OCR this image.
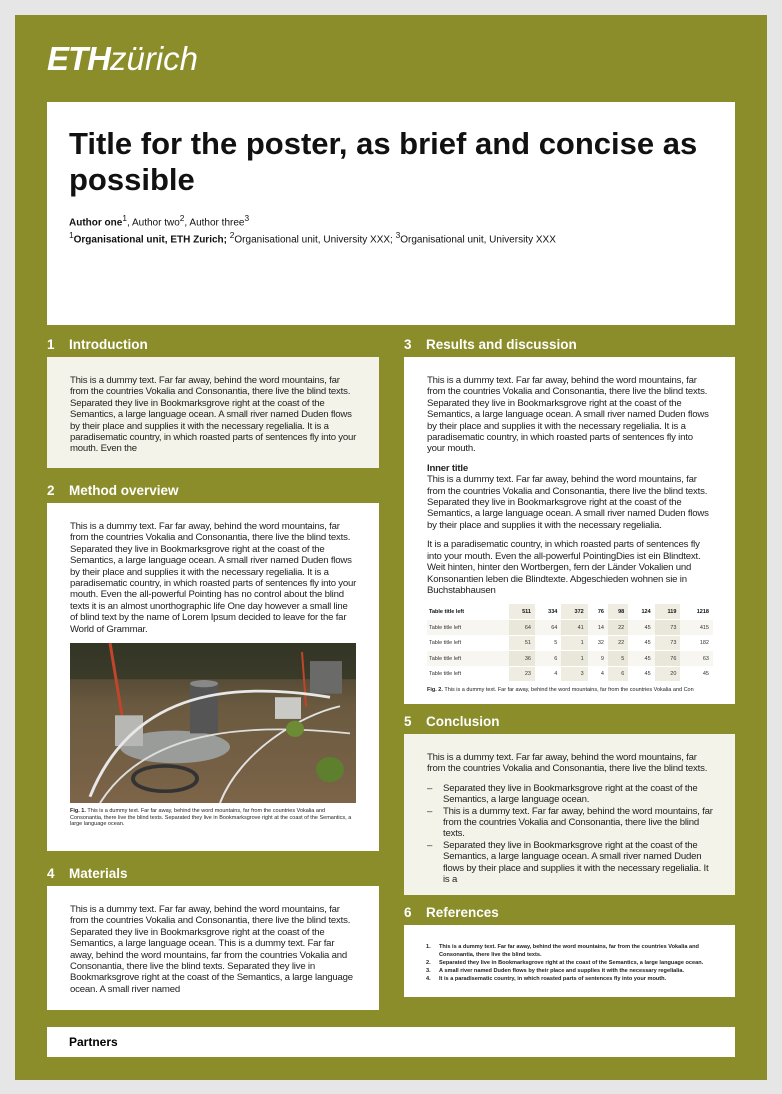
ETHzürich
Title for the poster, as brief and concise as possible
Author one$^1$, Author two$^2$, Author three$^3$
$^1$Organisational unit, ETH Zurich; $^2$Organisational unit, University XXX; $^3$Organisational unit, University XXX
1 Introduction

This is a dummy text. Far far away, behind the word mountains, far from the countries Vokalia and Consonantia, there live the blind texts. Separated they live in Bookmarksgrove right at the coast of the Semantics, a large language ocean. A small river named Duden flows by their place and supplies it with the necessary regelialia. It is a paradisematic country, in which roasted parts of sentences fly into your mouth. Even the

2 Method overview

This is a dummy text. Far far away, behind the word mountains, far from the countries Vokalia and Consonantia, there live the blind texts. Separated they live in Bookmarksgrove right at the coast of the Semantics, a large language ocean. A small river named Duden flows by their place and supplies it with the necessary regelialia. It is a paradisematic country, in which roasted parts of sentences fly into your mouth. Even the all-powerful Pointing has no control about the blind texts it is an almost unorthographic life One day however a small line of blind text by the name of Lorem Ipsum decided to leave for the far World of Grammar.

Fig. 1. This is a dummy text. Far far away, behind the word mountains, far from the countries Vokalia and Consonantia, there live the blind texts. Separated they live in Bookmarksgrove right at the coast of the Semantics, a large language ocean.

4 Materials

This is a dummy text. Far far away, behind the word mountains, far from the countries Vokalia and Consonantia, there live the blind texts. Separated they live in Bookmarksgrove right at the coast of the Semantics, a large language ocean. This is a dummy text. Far far away, behind the word mountains, far from the countries Vokalia and Consonantia, there live the blind texts. Separated they live in Bookmarksgrove right at the coast of the Semantics, a large language ocean. A small river named

3 Results and discussion

This is a dummy text. Far far away, behind the word mountains, far from the countries Vokalia and Consonantia, there live the blind texts. Separated they live in Bookmarksgrove right at the coast of the Semantics, a large language ocean. A small river named Duden flows by their place and supplies it with the necessary regelialia. It is a paradisematic country, in which roasted parts of sentences fly into your mouth.

Inner title

This is a dummy text. Far far away, behind the word mountains, far from the countries Vokalia and Consonantia, there live the blind texts. Separated they live in Bookmarksgrove right at the coast of the Semantics, a large language ocean. A small river named Duden flows by their place and supplies it with the necessary regelialia.

It is a paradisematic country, in which roasted parts of sentences fly into your mouth. Even the all-powerful PointingDies ist ein Blindtext. Weit hinten, hinter den Wortbergen, fern der Länder Vokalien und Konsonantien leben die Blindtexte. Abgeschieden wohnen sie in Buchstabhausen

Table title left	511	334	372	76	98	124	119	1218
Table title left	64	64	41	14	22	45	73	415
Table title left	51	5	1	32	22	45	73	182
Table title left	36	6	1	9	5	45	76	63
Table title left	23	4	3	4	6	45	20	45

Fig. 2. This is a dummy text. Far far away, behind the word mountains, far from the countries Vokalia and Con

5 Conclusion

This is a dummy text. Far far away, behind the word mountains, far from the countries Vokalia and Consonantia, there live the blind texts.

– Separated they live in Bookmarksgrove right at the coast of the Semantics, a large language ocean.
– This is a dummy text. Far far away, behind the word mountains, far from the countries Vokalia and Consonantia, there live the blind texts.
– Separated they live in Bookmarksgrove right at the coast of the Semantics, a large language ocean. A small river named Duden flows by their place and supplies it with the necessary regelialia. It is a
6 References
1. This is a dummy text. Far far away, behind the word mountains, far from the countries Vokalia and Consonantia, there live the blind texts.
2. Separated they live in Bookmarksgrove right at the coast of the Semantics, a large language ocean.
3. A small river named Duden flows by their place and supplies it with the necessary regelialia.
4. It is a paradisematic country, in which roasted parts of sentences fly into your mouth.
Partners
